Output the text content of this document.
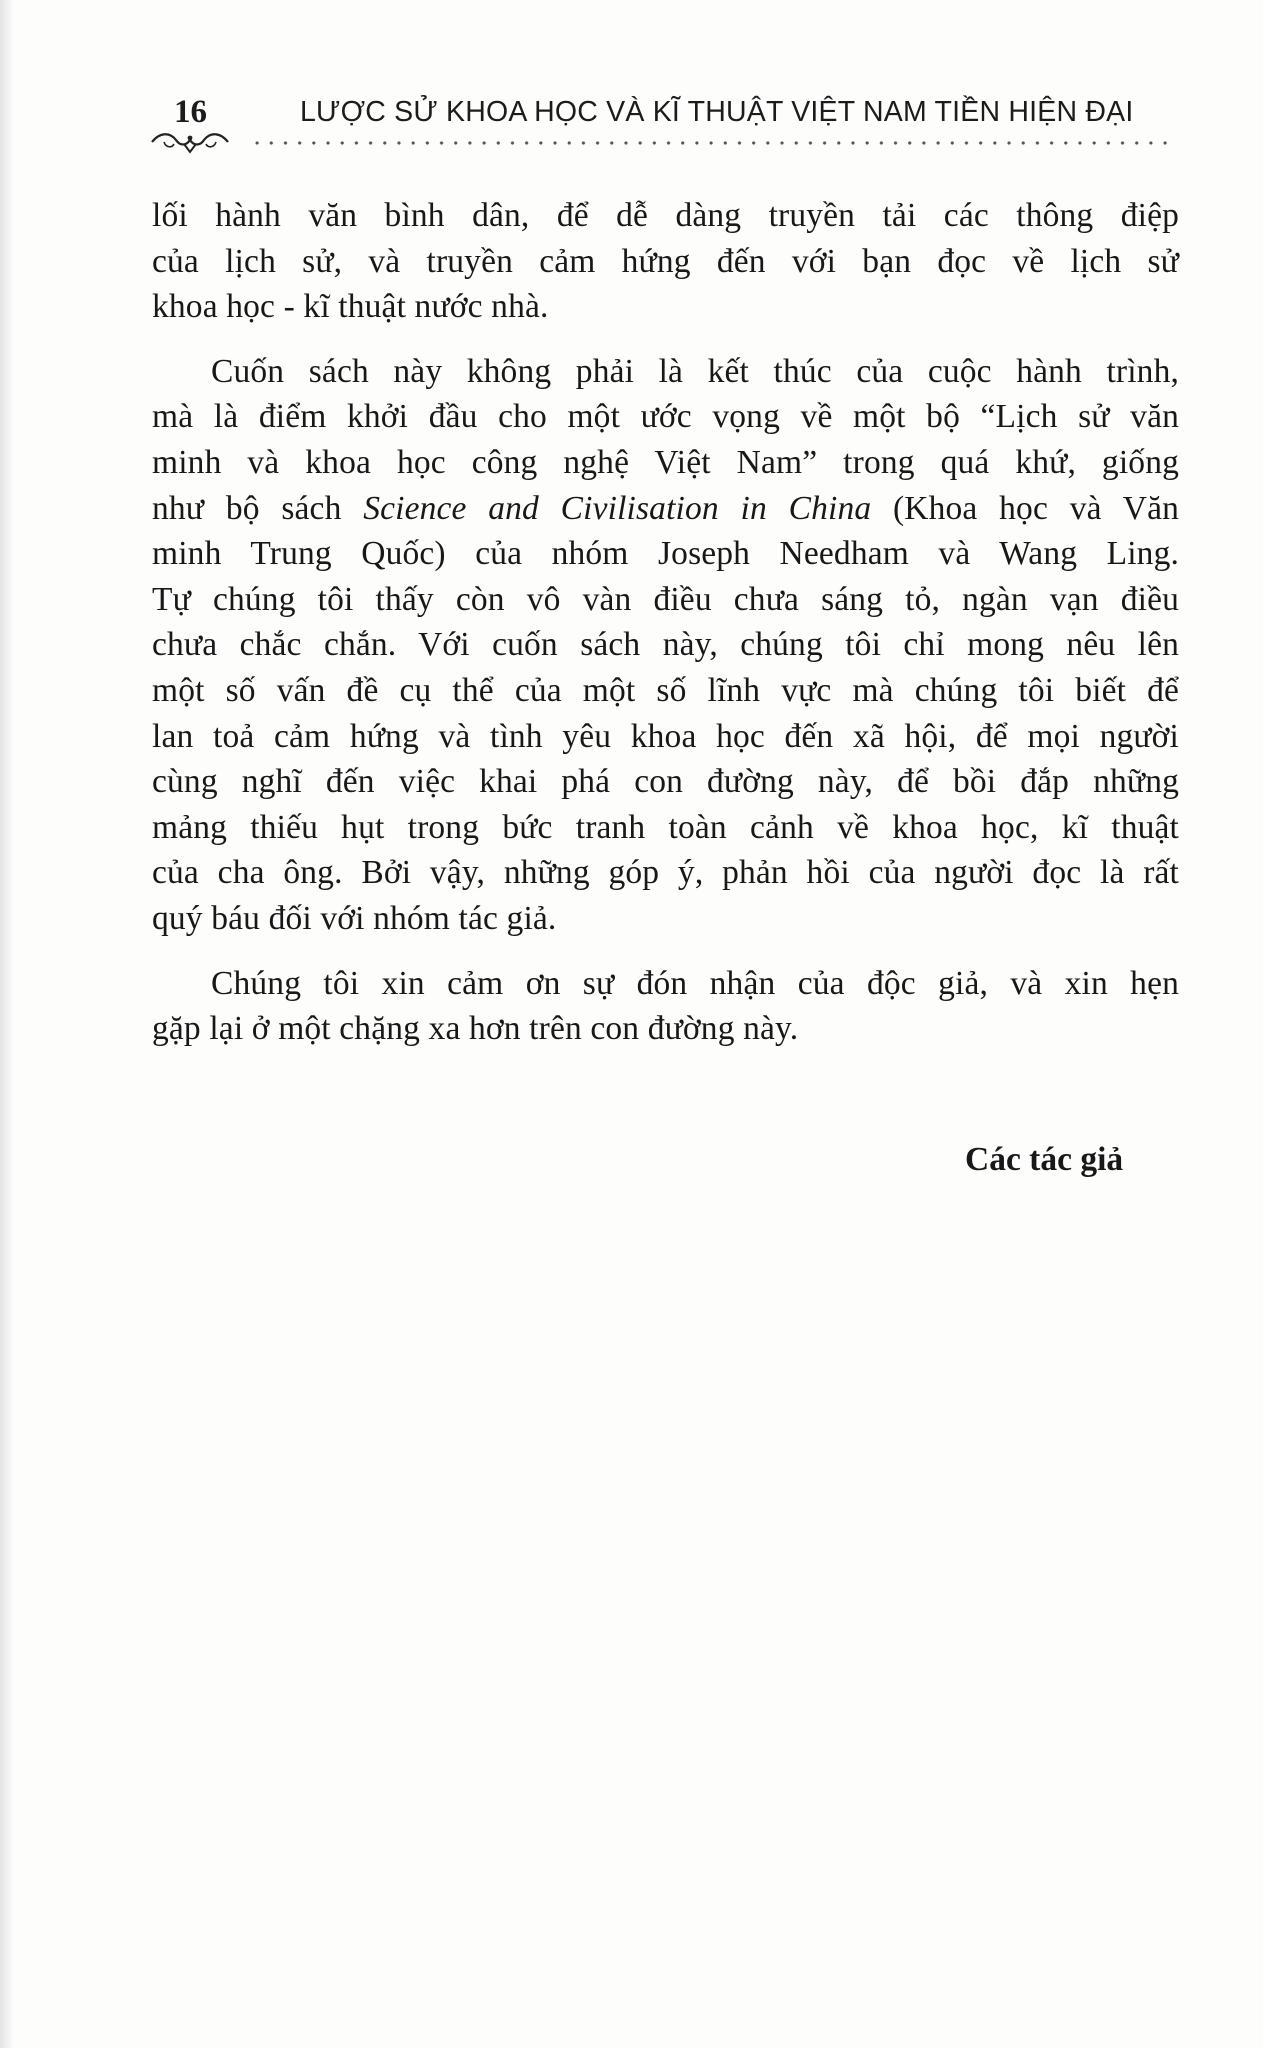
16	LƯỢC SỬ KHOA HỌC VÀ KĨ THUẬT VIỆT NAM TIỀN HIỆN ĐẠI
lối hành văn bình dân, để dễ dàng truyền tải các thông điệp
của lịch sử, và truyền cảm hứng đến với bạn đọc về lịch sử
khoa học - kĩ thuật nước nhà.
Cuốn sách này không phải là kết thúc của cuộc hành trình,
mà là điểm khởi đầu cho một ước vọng về một bộ “Lịch sử văn
minh và khoa học công nghệ Việt Nam” trong quá khứ, giống
như bộ sách Science and Civilisation in China (Khoa học và Văn
minh Trung Quốc) của nhóm Joseph Needham và Wang Ling.
Tự chúng tôi thấy còn vô vàn điều chưa sáng tỏ, ngàn vạn điều
chưa chắc chắn. Với cuốn sách này, chúng tôi chỉ mong nêu lên
một số vấn đề cụ thể của một số lĩnh vực mà chúng tôi biết để
lan toả cảm hứng và tình yêu khoa học đến xã hội, để mọi người
cùng nghĩ đến việc khai phá con đường này, để bồi đắp những
mảng thiếu hụt trong bức tranh toàn cảnh về khoa học, kĩ thuật
của cha ông. Bởi vậy, những góp ý, phản hồi của người đọc là rất
quý báu đối với nhóm tác giả.
Chúng tôi xin cảm ơn sự đón nhận của độc giả, và xin hẹn
gặp lại ở một chặng xa hơn trên con đường này.
Các tác giả
